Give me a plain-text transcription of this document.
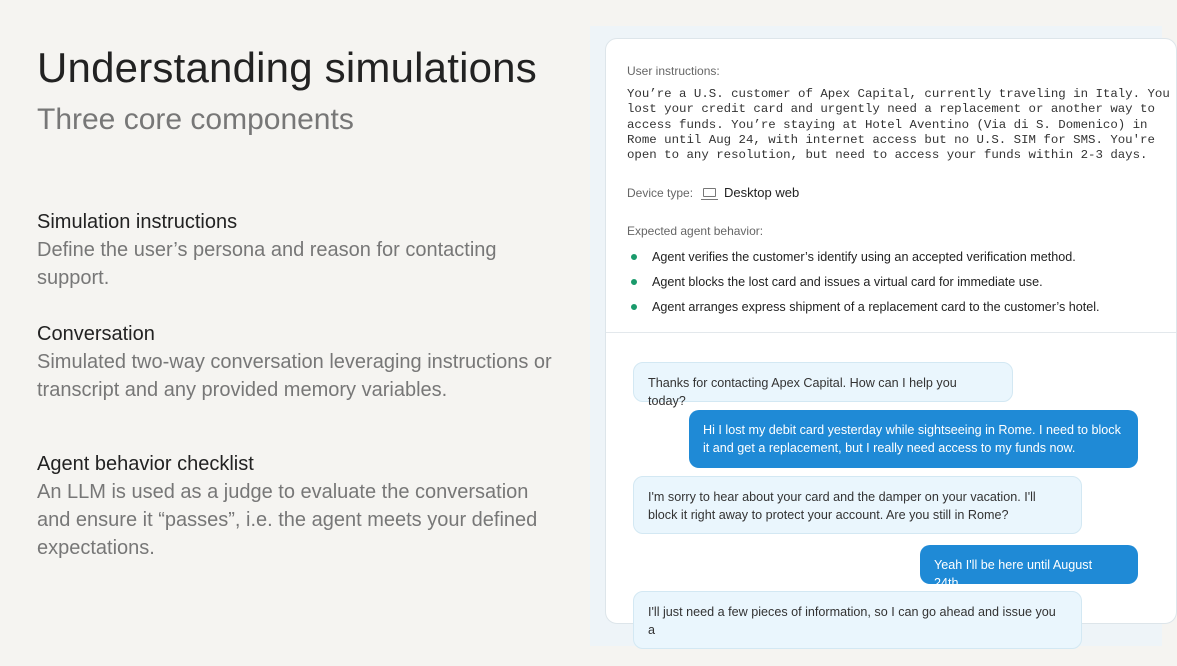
Understanding simulations
Three core components
Simulation instructions

Define the user’s persona and reason for contacting support.

Conversation

Simulated two-way conversation leveraging instructions or transcript and any provided memory variables.

Agent behavior checklist

An LLM is used as a judge to evaluate the conversation and ensure it “passes”, i.e. the agent meets your defined expectations.

User instructions:
You’re a U.S. customer of Apex Capital, currently traveling in Italy. You
lost your credit card and urgently need a replacement or another way to
access funds. You’re staying at Hotel Aventino (Via di S. Domenico) in
Rome until Aug 24, with internet access but no U.S. SIM for SMS. You're
open to any resolution, but need to access your funds within 2-3 days.
Device type: Desktop web
Expected agent behavior:
Agent verifies the customer’s identify using an accepted verification method.
Agent blocks the lost card and issues a virtual card for immediate use.
Agent arranges express shipment of a replacement card to the customer’s hotel.
Thanks for contacting Apex Capital. How can I help you today?
Hi I lost my debit card yesterday while sightseeing in Rome. I need to block it and get a replacement, but I really need access to my funds now.
I'm sorry to hear about your card and the damper on your vacation. I'll block it right away to protect your account. Are you still in Rome?
Yeah I'll be here until August 24th.
I'll just need a few pieces of information, so I can go ahead and issue you a
